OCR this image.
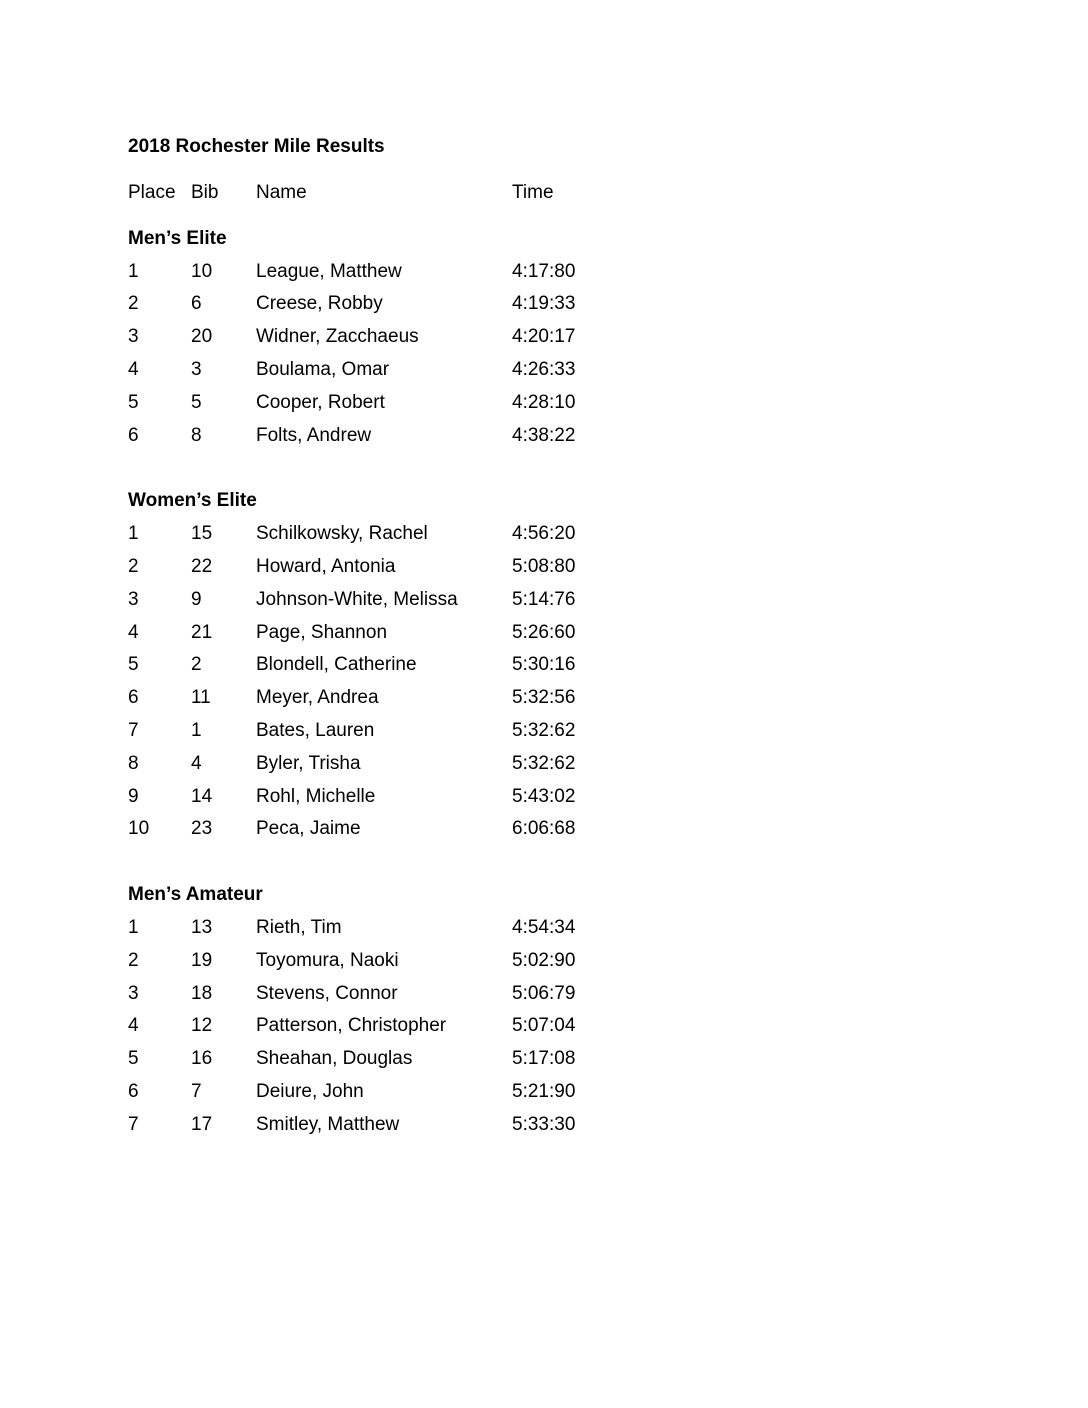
2018 Rochester Mile Results
Place Bib	Name	Time
Men’s Elite
1	10	League, Matthew	4:17:80
2	6	Creese, Robby	4:19:33
3	20	Widner, Zacchaeus	4:20:17
4	3	Boulama, Omar	4:26:33
5	5	Cooper, Robert	4:28:10
6	8	Folts, Andrew	4:38:22
Women’s Elite
1	15	Schilkowsky, Rachel	4:56:20
2	22	Howard, Antonia	5:08:80
3	9	Johnson-White, Melissa	5:14:76
4	21	Page, Shannon	5:26:60
5	2	Blondell, Catherine	5:30:16
6	11	Meyer, Andrea	5:32:56
7	1	Bates, Lauren	5:32:62
8	4	Byler, Trisha	5:32:62
9	14	Rohl, Michelle	5:43:02
10	23	Peca, Jaime	6:06:68
Men’s Amateur
1	13	Rieth, Tim	4:54:34
2	19	Toyomura, Naoki	5:02:90
3	18	Stevens, Connor	5:06:79
4	12	Patterson, Christopher	5:07:04
5	16	Sheahan, Douglas	5:17:08
6	7	Deiure, John	5:21:90
7	17	Smitley, Matthew	5:33:30
